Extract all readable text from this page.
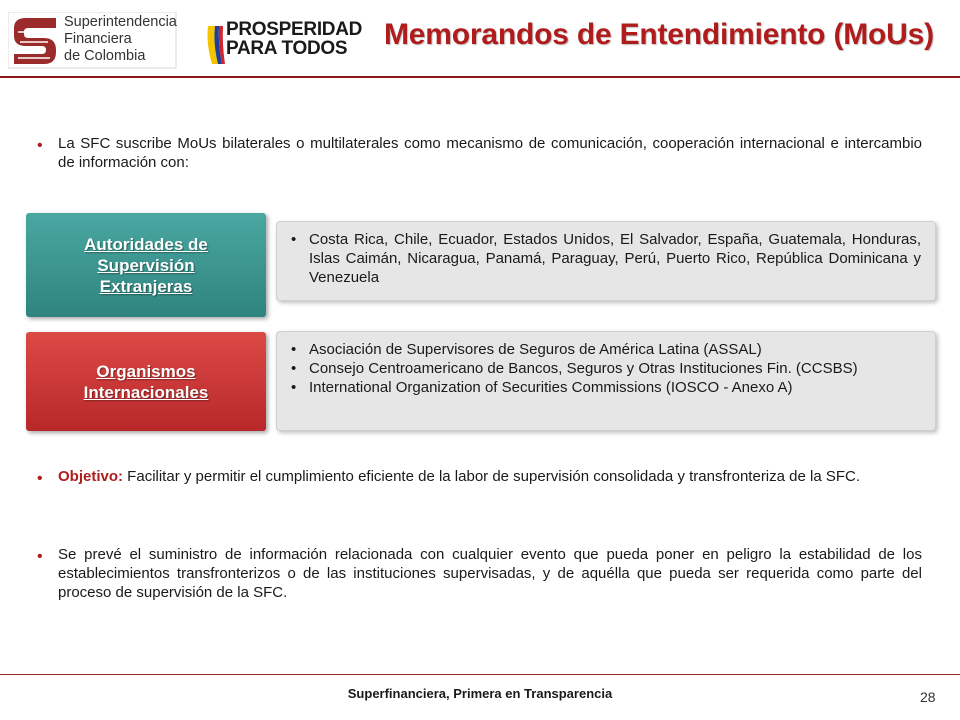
Superintendencia
Financiera
de Colombia
PROSPERIDAD
PARA TODOS	Memorandos de Entendimiento (MoUs)
• La SFC suscribe MoUs bilaterales o multilaterales como mecanismo de comunicación, cooperación internacional e intercambio de información con:
Autoridades de
Supervisión
Extranjeras
• Costa Rica, Chile, Ecuador, Estados Unidos, El Salvador, España, Guatemala, Honduras, Islas Caimán, Nicaragua, Panamá, Paraguay, Perú, Puerto Rico, República Dominicana y Venezuela
Organismos
Internacionales
• Asociación de Supervisores de Seguros de América Latina (ASSAL)
• Consejo Centroamericano de Bancos, Seguros y Otras Instituciones Fin. (CCSBS)
• International Organization of Securities Commissions (IOSCO - Anexo A)
• Objetivo: Facilitar y permitir el cumplimiento eficiente de la labor de supervisión consolidada y transfronteriza de la SFC.
• Se prevé el suministro de información relacionada con cualquier evento que pueda poner en peligro la estabilidad de los establecimientos transfronterizos o de las instituciones supervisadas, y de aquélla que pueda ser requerida como parte del proceso de supervisión de la SFC.
Superfinanciera, Primera en Transparencia	28
